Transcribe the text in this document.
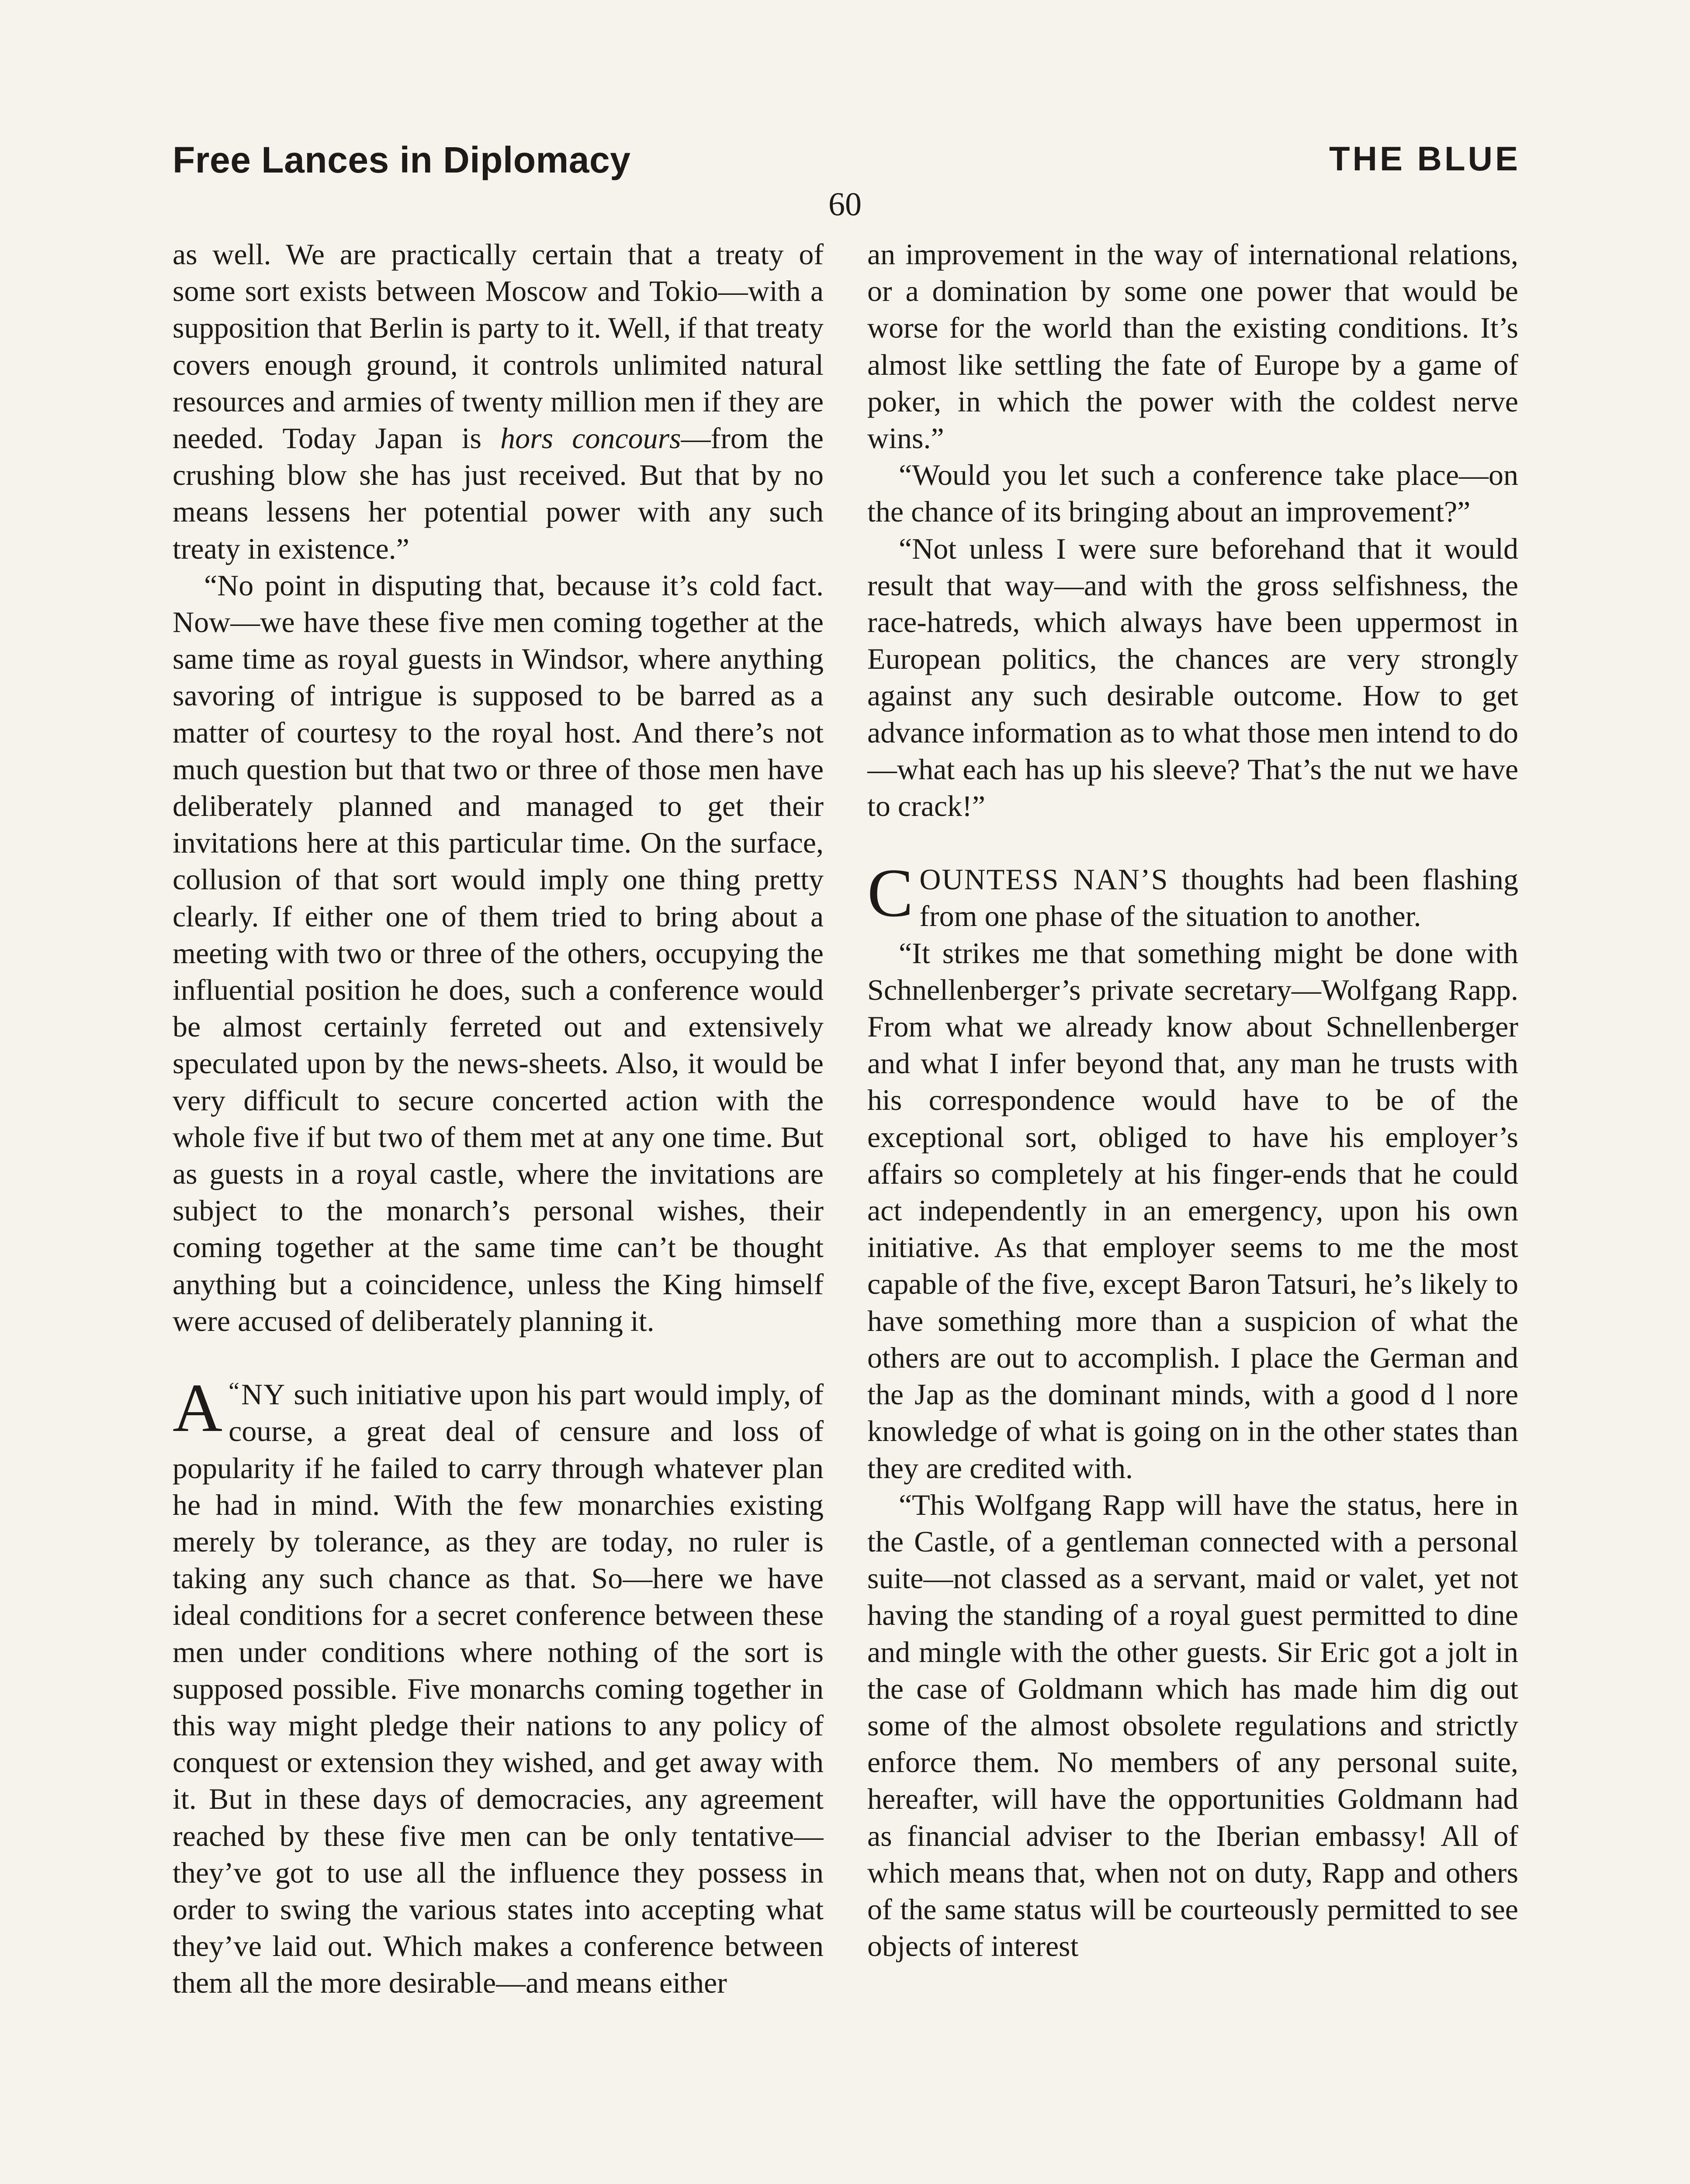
Free Lances in Diplomacy	THE BLUE
60

as well. We are practically certain that a treaty of some sort exists between Moscow and Tokio—with a supposition that Berlin is party to it. Well, if that treaty covers enough ground, it controls unlimited natural resources and armies of twenty million men if they are needed. Today Japan is hors concours—from the crushing blow she has just received. But that by no means lessens her potential power with any such treaty in existence.”

“No point in disputing that, because it’s cold fact. Now—we have these five men coming together at the same time as royal guests in Windsor, where anything savoring of intrigue is supposed to be barred as a matter of courtesy to the royal host. And there’s not much question but that two or three of those men have deliberately planned and managed to get their invitations here at this particular time. On the surface, collusion of that sort would imply one thing pretty clearly. If either one of them tried to bring about a meeting with two or three of the others, occupying the influential position he does, such a conference would be almost certainly ferreted out and extensively speculated upon by the news-sheets. Also, it would be very difficult to secure concerted action with the whole five if but two of them met at any one time. But as guests in a royal castle, where the invitations are subject to the monarch’s personal wishes, their coming together at the same time can’t be thought anything but a coincidence, unless the King himself were accused of deliberately planning it.

“
A NY such initiative upon his part would imply, of course, a great deal of censure and loss of popularity if he failed to carry through whatever plan he had in mind. With the few monarchies existing merely by tolerance, as they are today, no ruler is taking any such chance as that. So—here we have ideal conditions for a secret conference between these men under conditions where nothing of the sort is supposed possible. Five monarchs coming together in this way might pledge their nations to any policy of conquest or extension they wished, and get away with it. But in these days of democracies, any agreement reached by these five men can be only tentative—they’ve got to use all the influence they possess in order to swing the various states into accepting what they’ve laid out. Which makes a conference between them all the more desirable—and means either

an improvement in the way of international relations, or a domination by some one power that would be worse for the world than the existing conditions. It’s almost like settling the fate of Europe by a game of poker, in which the power with the coldest nerve wins.”

“Would you let such a conference take place—on the chance of its bringing about an improvement?”

“Not unless I were sure beforehand that it would result that way—and with the gross selfishness, the race-hatreds, which always have been uppermost in European politics, the chances are very strongly against any such desirable outcome. How to get advance information as to what those men intend to do—what each has up his sleeve? That’s the nut we have to crack!”

COUNTESS NAN’S thoughts had been flashing from one phase of the situation to another.

“It strikes me that something might be done with Schnellenberger’s private secretary—Wolfgang Rapp. From what we already know about Schnellenberger and what I infer beyond that, any man he trusts with his correspondence would have to be of the exceptional sort, obliged to have his employer’s affairs so completely at his finger-ends that he could act independently in an emergency, upon his own initiative. As that employer seems to me the most capable of the five, except Baron Tatsuri, he’s likely to have something more than a suspicion of what the others are out to accomplish. I place the German and the Jap as the dominant minds, with a good d l nore knowledge of what is going on in the other states than they are credited with.

“This Wolfgang Rapp will have the status, here in the Castle, of a gentleman connected with a personal suite—not classed as a servant, maid or valet, yet not having the standing of a royal guest permitted to dine and mingle with the other guests. Sir Eric got a jolt in the case of Goldmann which has made him dig out some of the almost obsolete regulations and strictly enforce them. No members of any personal suite, hereafter, will have the opportunities Goldmann had as financial adviser to the Iberian embassy! All of which means that, when not on duty, Rapp and others of the same status will be courteously permitted to see objects of interest
